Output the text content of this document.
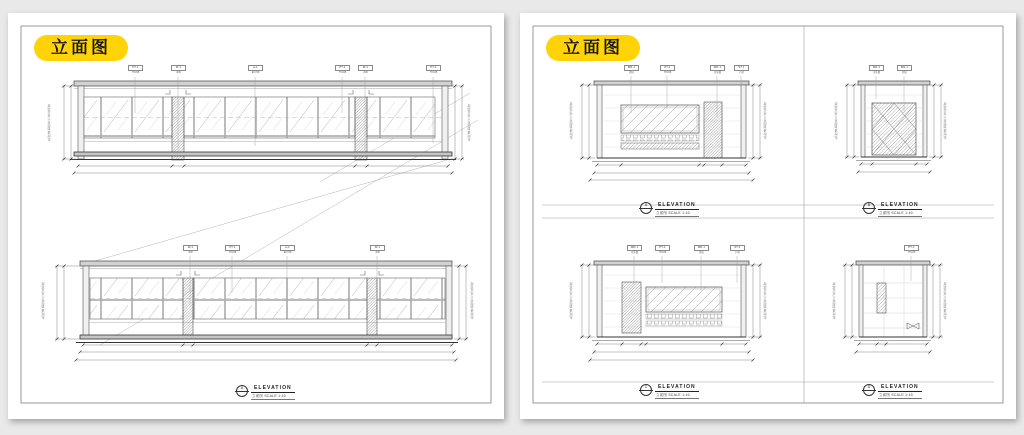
立面图
PT-1
HY228
W-1
4N6
A-1
ECY08
PT-1
HY228
W-1
4N6
PT-1
HY228
W-1
4N6
PT-1
HY228
A-1
ECY08
W-1
4N6
乳胶漆饰面至天花底高度	乳胶漆饰面至天花底高度
乳胶漆饰面至天花底高度	乳胶漆饰面至天花底高度
A	ELEVATION
立面图 SCALE 1:40
立面图
MR-1
银镜
PT-1
HY228
WD-1
木饰面
ST-1
石材
WD-1
木饰面
MR-1
银镜
WD-1
木饰面
PT-1
HY228
MR-1
银镜
ST-1
石材
PT-1
HY228
乳胶漆饰面至天花底高度	乳胶漆饰面至天花底高度	乳胶漆饰面至天花底高度	乳胶漆饰面至天花底高度
乳胶漆饰面至天花底高度	乳胶漆饰面至天花底高度	乳胶漆饰面至天花底高度	乳胶漆饰面至天花底高度
A	ELEVATION
立面图 SCALE 1:40
B	ELEVATION
立面图 SCALE 1:40
C	ELEVATION
立面图 SCALE 1:40
D	ELEVATION
立面图 SCALE 1:40
